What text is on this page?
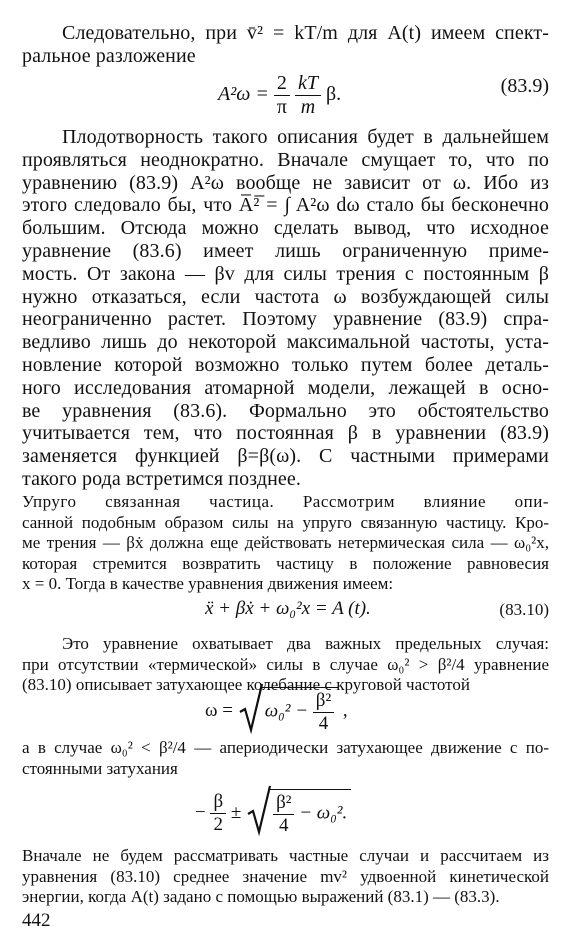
Следовательно, при v̄² = kT/m для A(t) имеем спект-
ральное разложение
$A^2\omega = \frac{2}{\pi}$
$\frac{kT}{m} \beta$.	(83.9)
Плодотворность такого описания будет в дальнейшем
проявляться неоднократно. Вначале смущает то, что по
уравнению (83.9) A²ω вообще не зависит от ω. Ибо из
этого следовало бы, что A̅²̅ = ∫ A²ω dω стало бы бесконечно
большим. Отсюда можно сделать вывод, что исходное
уравнение (83.6) имеет лишь ограниченную приме-
мость. От закона — βv для силы трения с постоянным β
нужно отказаться, если частота ω возбуждающей силы
неограниченно растет. Поэтому уравнение (83.9) спра-
ведливо лишь до некоторой максимальной частоты, уста-
новление которой возможно только путем более деталь-
ного исследования атомарной модели, лежащей в осно-
ве уравнения (83.6). Формально это обстоятельство
учитывается тем, что постоянная β в уравнении (83.9)
заменяется функцией β=β(ω). С частными примерами
такого рода встретимся позднее.
Упруго связанная частица. Рассмотрим влияние опи-
санной подобным образом силы на упруго связанную частицу. Кро-
ме трения — βẋ должна еще действовать нетермическая сила — ω₀²x,
которая стремится возвратить частицу в положение равновесия
x = 0. Тогда в качестве уравнения движения имеем:
ẍ + βẋ + ω₀²x = A (t).	(83.10)
Это уравнение охватывает два важных предельных случая:
при отсутствии «термической» силы в случае ω₀² > β²/4 уравнение
(83.10) описывает затухающее колебание с круговой частотой
$\omega = \omega_0^2 - \frac{\text{β²}}{4}$ ,
а в случае ω₀² < β²/4 — апериодически затухающее движение с по-
стоянными затухания
− $\frac{\beta}{2} \pm \frac{\text{β²}}{4} - \omega_0^2$.
Вначале не будем рассматривать частные случаи и рассчитаем из
уравнения (83.10) среднее значение mv² удвоенной кинетической
энергии, когда A(t) задано с помощью выражений (83.1) — (83.3).
442
